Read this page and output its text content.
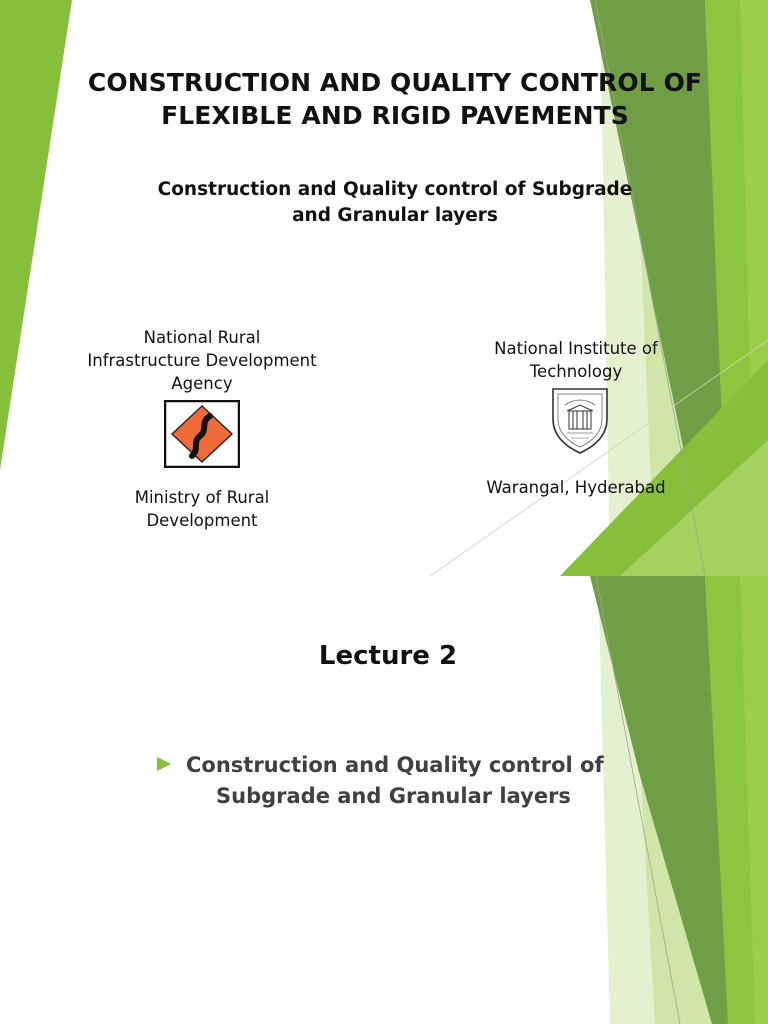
CONSTRUCTION AND QUALITY CONTROL OF
FLEXIBLE AND RIGID PAVEMENTS
Construction and Quality control of Subgrade
and Granular layers

National Rural
Infrastructure Development
Agency

Ministry of Rural
Development

National Institute of
Technology

Warangal, Hyderabad

Lecture 2

Construction and Quality control of
Subgrade and Granular layers
